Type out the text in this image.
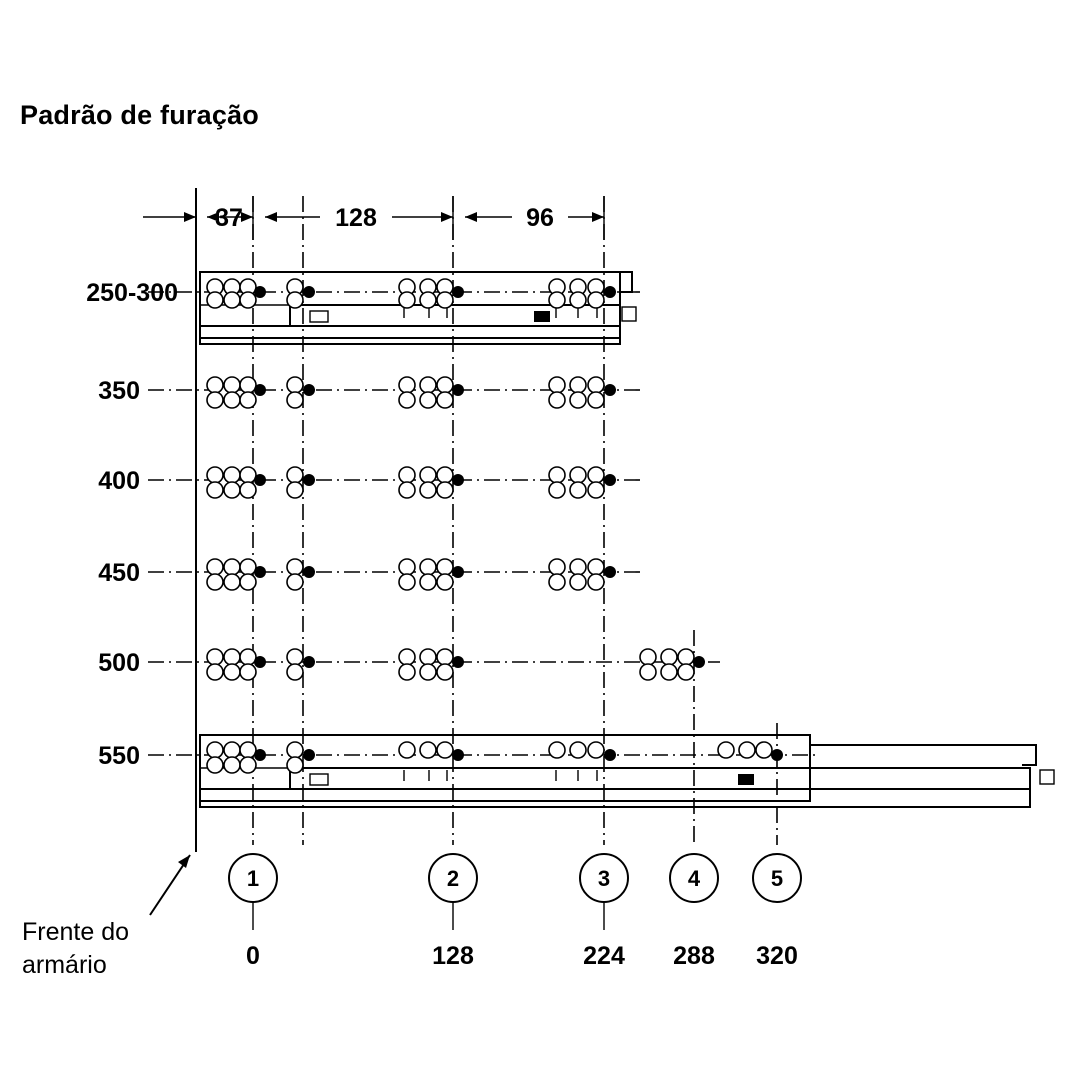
Padrão de furação
37	128	96
250-300
350
400
450
500
550
1
0
2
128
3
224
4
288
5
320
Frente do
armário
